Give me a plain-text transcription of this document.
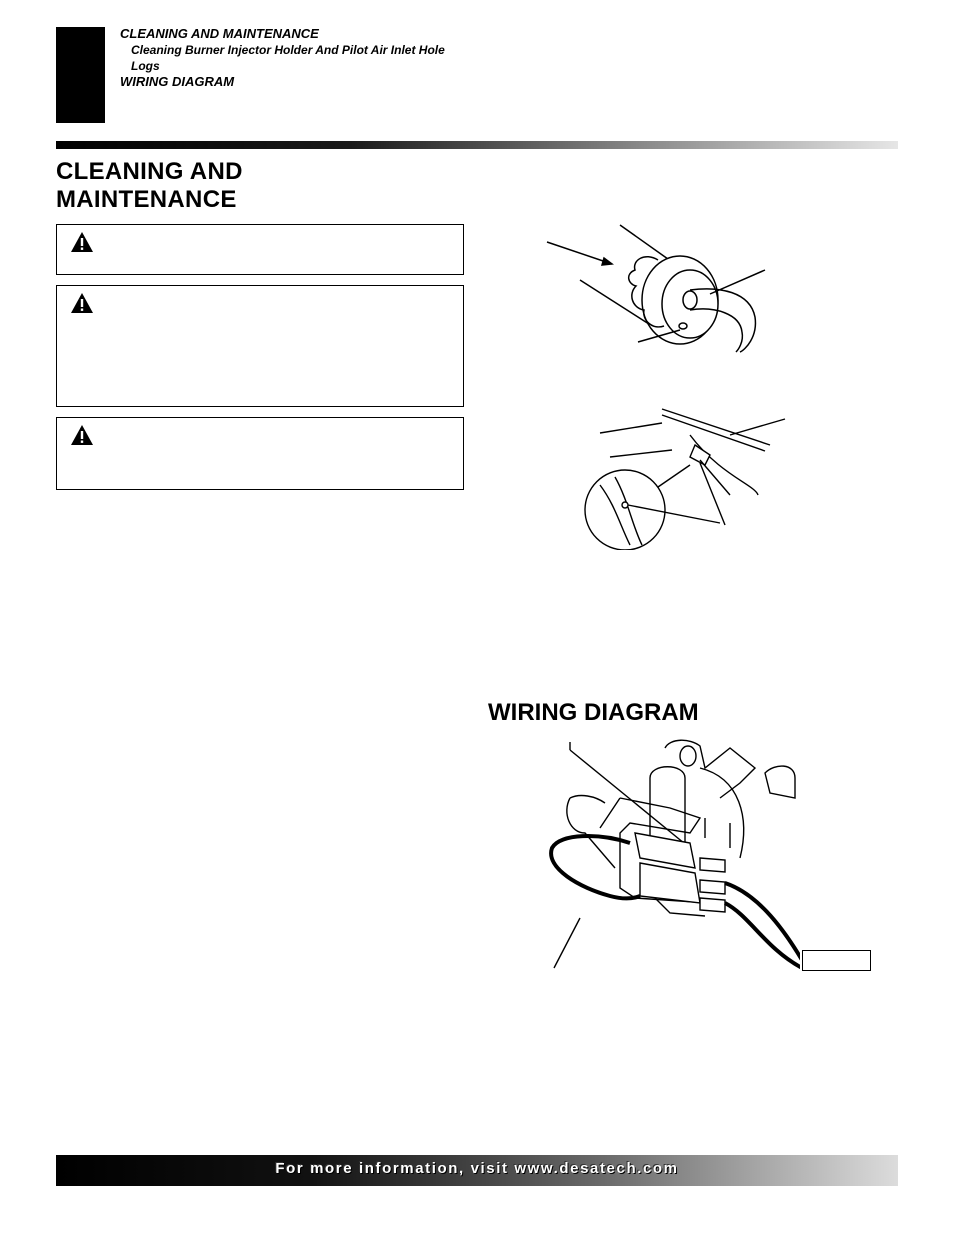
CLEANING AND MAINTENANCE
Cleaning Burner Injector Holder And Pilot Air Inlet Hole
Logs
WIRING DIAGRAM
CLEANING AND
MAINTENANCE
WIRING DIAGRAM
For more information, visit www.desatech.com
